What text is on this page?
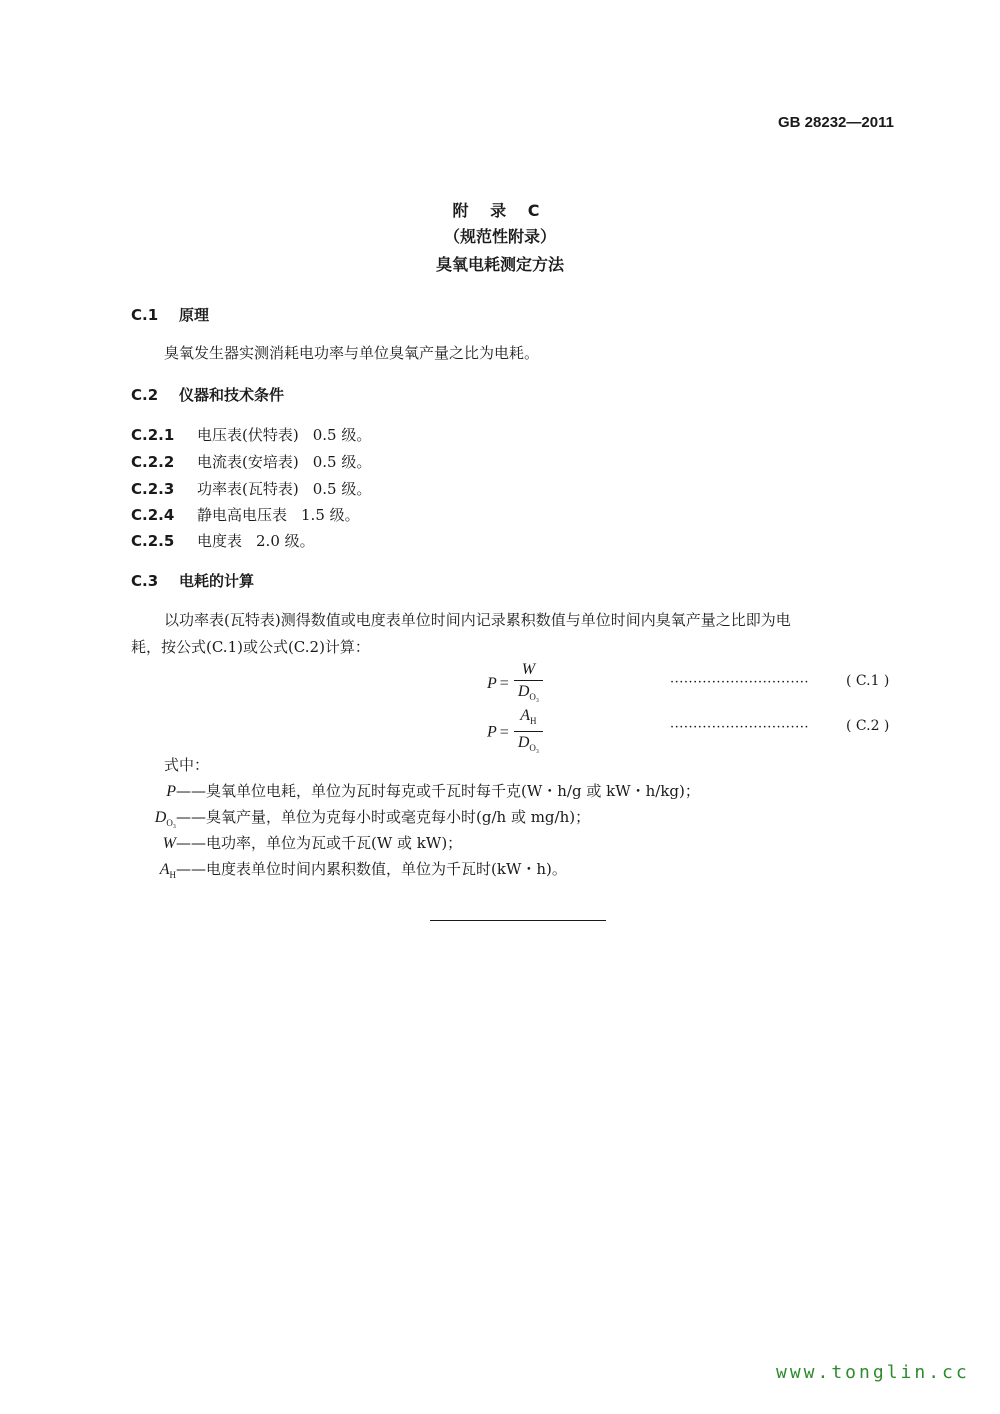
GB 28232—2011
附 录 C
（规范性附录）
臭氧电耗测定方法
C.1 原理
臭氧发生器实测消耗电功率与单位臭氧产量之比为电耗。
C.2 仪器和技术条件
C.2.1 电压表(伏特表) 0.5 级。
C.2.2 电流表(安培表) 0.5 级。
C.2.3 功率表(瓦特表) 0.5 级。
C.2.4 静电高电压表 1.5 级。
C.2.5 电度表 2.0 级。
C.3 电耗的计算
以功率表(瓦特表)测得数值或电度表单位时间内记录累积数值与单位时间内臭氧产量之比即为电
耗，按公式(C.1)或公式(C.2)计算：
$P = \frac{W}{D_{O_3}}$	······························	( C.1 )
$P = \frac{A_H}{D_{O_3}}$	······························	( C.2 )
式中：
P——臭氧单位电耗，单位为瓦时每克或千瓦时每千克(W・h/g 或 kW・h/kg)；
$D_{O_3}——$臭氧产量，单位为克每小时或毫克每小时(g/h 或 mg/h)；
W——电功率，单位为瓦或千瓦(W 或 kW)；
$A_H——$电度表单位时间内累积数值，单位为千瓦时(kW・h)。
www.tonglin.cc
